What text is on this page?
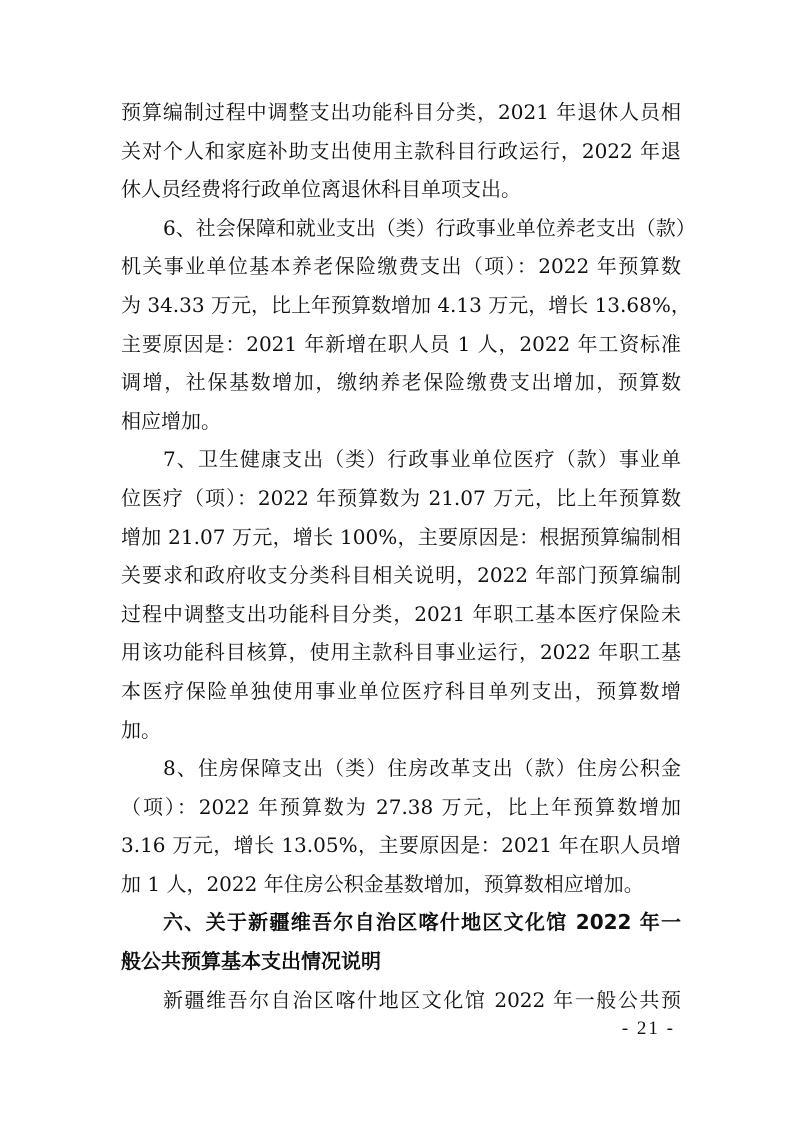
预算编制过程中调整支出功能科目分类，2021 年退休人员相
关对个人和家庭补助支出使用主款科目行政运行，2022 年退
休人员经费将行政单位离退休科目单项支出。
6、社会保障和就业支出（类）行政事业单位养老支出（款）
机关事业单位基本养老保险缴费支出（项）：2022 年预算数
为 34.33 万元，比上年预算数增加 4.13 万元，增长 13.68%，
主要原因是：2021 年新增在职人员 1 人，2022 年工资标准
调增，社保基数增加，缴纳养老保险缴费支出增加，预算数
相应增加。
7、卫生健康支出（类）行政事业单位医疗（款）事业单
位医疗（项）：2022 年预算数为 21.07 万元，比上年预算数
增加 21.07 万元，增长 100%，主要原因是：根据预算编制相
关要求和政府收支分类科目相关说明，2022 年部门预算编制
过程中调整支出功能科目分类，2021 年职工基本医疗保险未
用该功能科目核算，使用主款科目事业运行，2022 年职工基
本医疗保险单独使用事业单位医疗科目单列支出，预算数增
加。
8、住房保障支出（类）住房改革支出（款）住房公积金
（项）：2022 年预算数为 27.38 万元，比上年预算数增加
3.16 万元，增长 13.05%，主要原因是：2021 年在职人员增
加 1 人，2022 年住房公积金基数增加，预算数相应增加。
六、关于新疆维吾尔自治区喀什地区文化馆 2022 年一
般公共预算基本支出情况说明
新疆维吾尔自治区喀什地区文化馆 2022 年一般公共预
- 21 -
